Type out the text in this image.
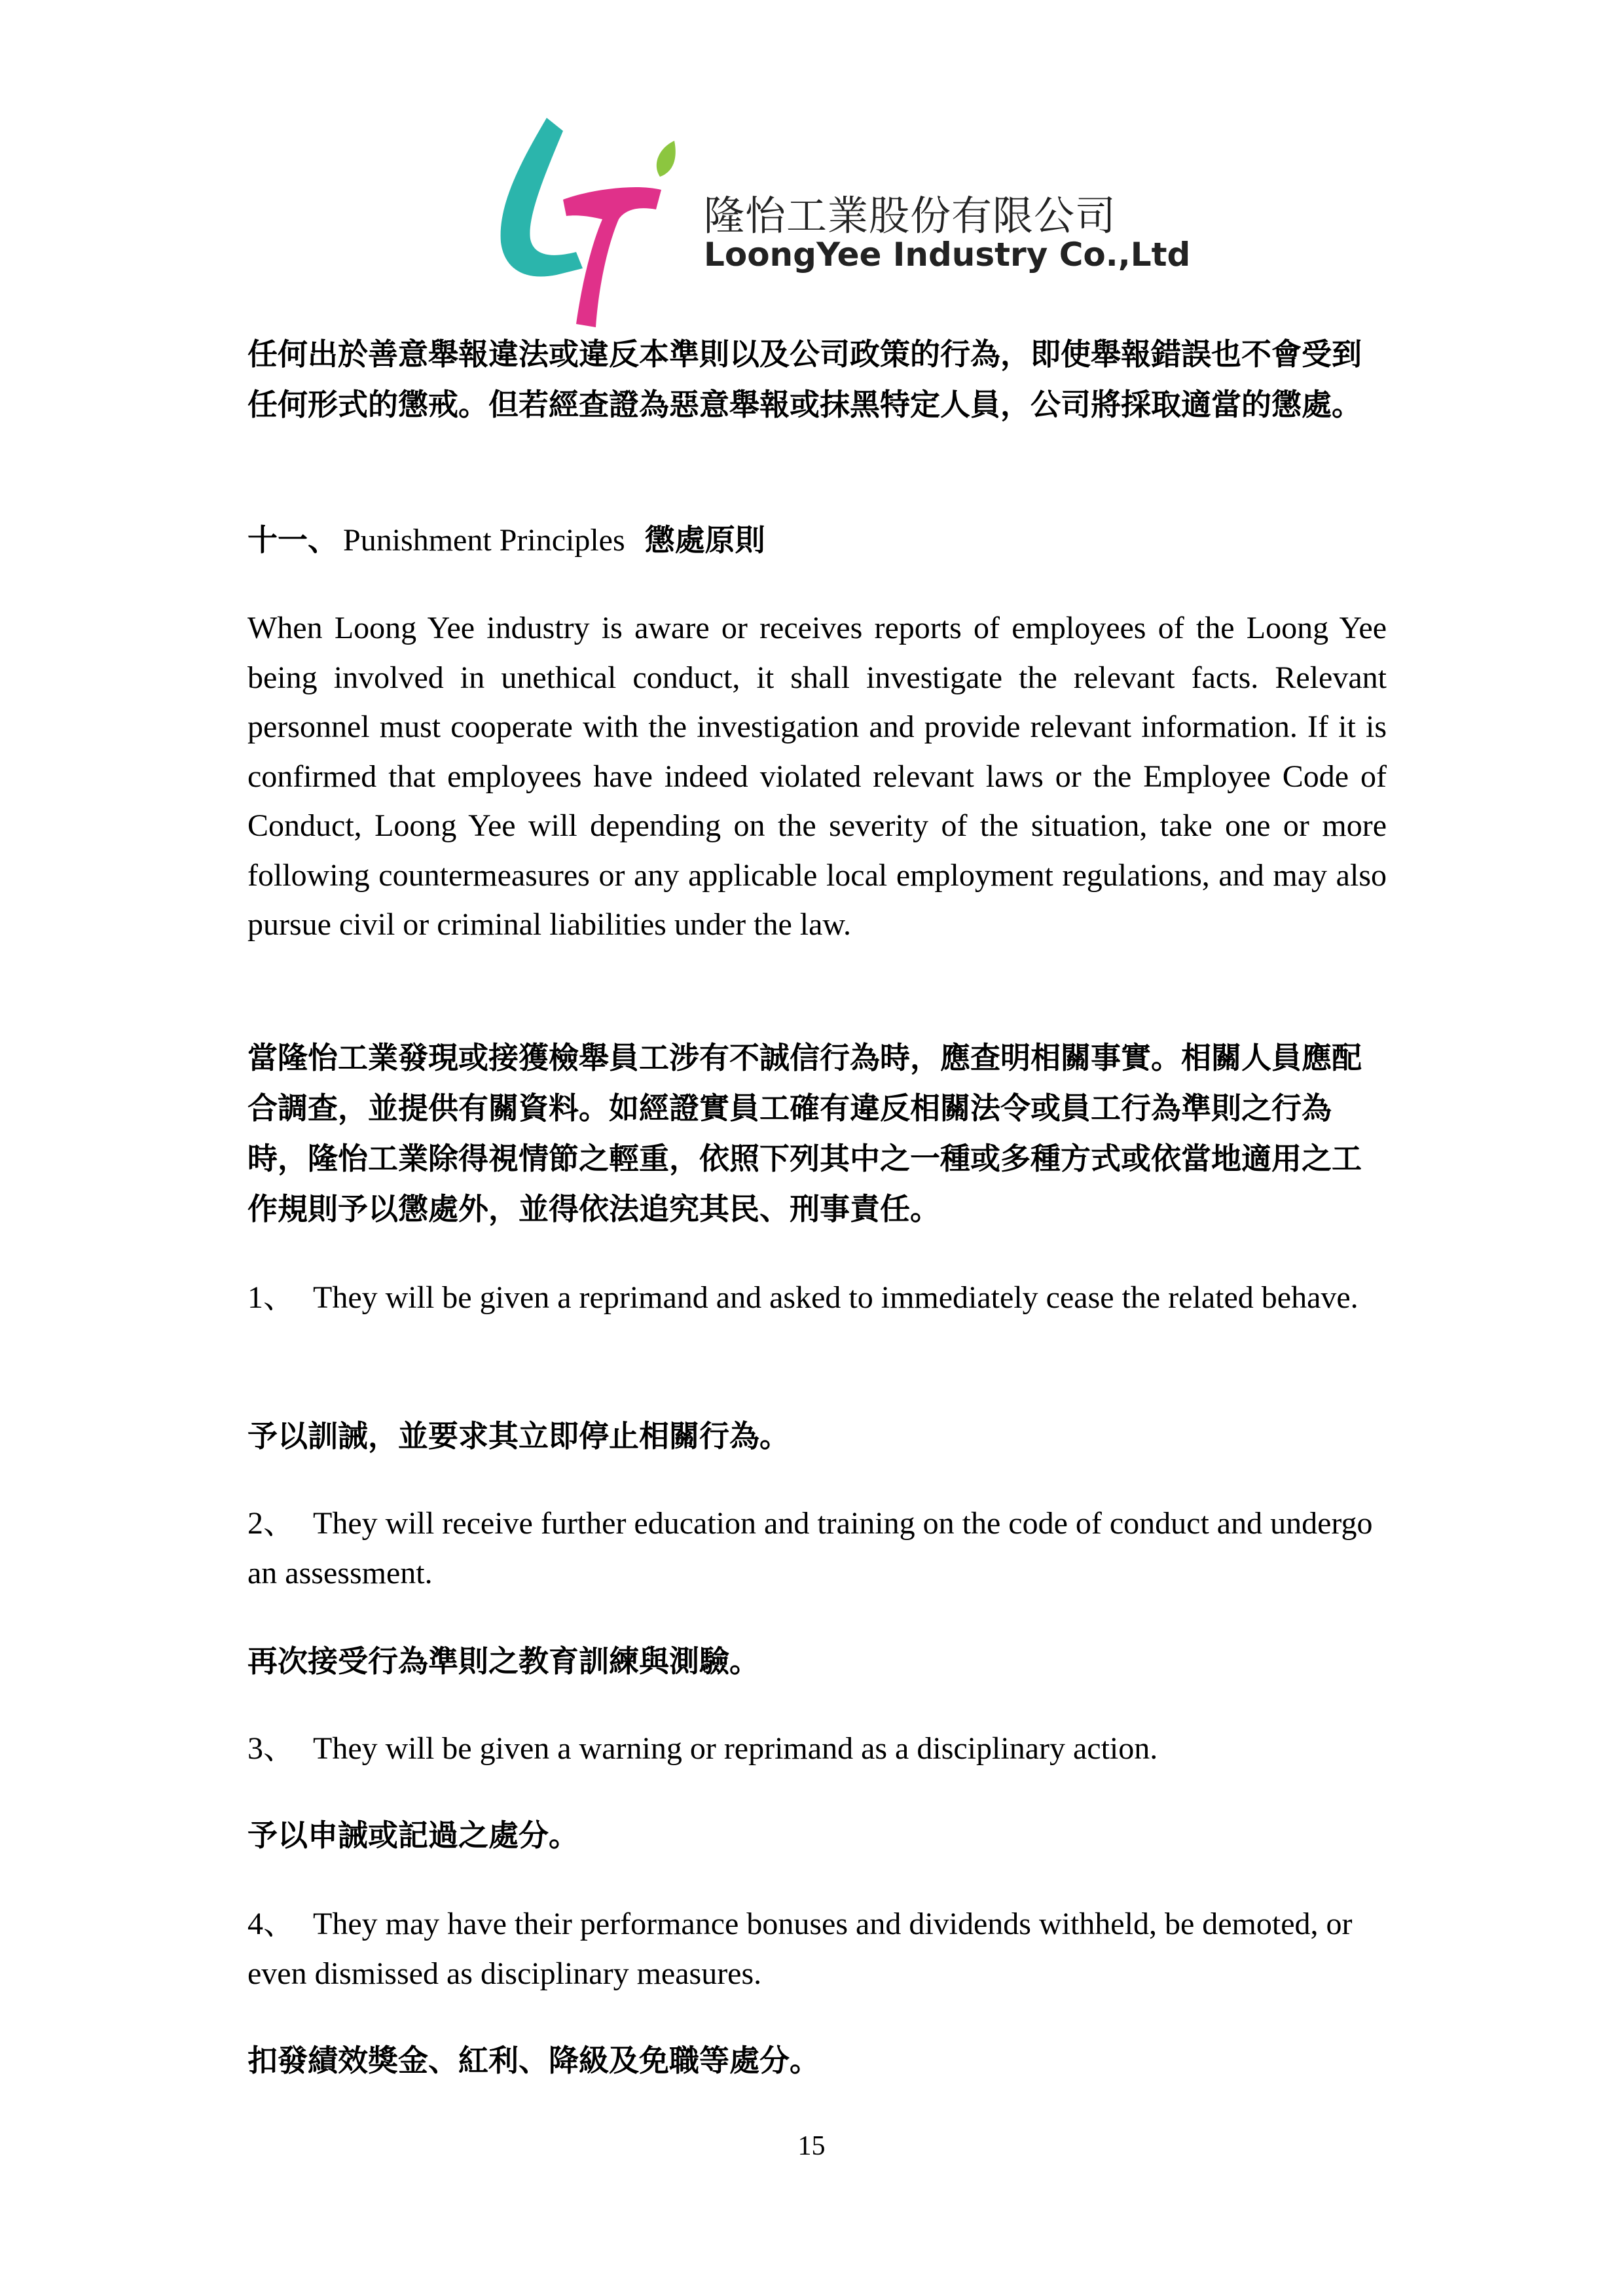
隆怡工業股份有限公司
LoongYee Industry Co.,Ltd
任何出於善意舉報違法或違反本準則以及公司政策的行為，即使舉報錯誤也不會受到任何形式的懲戒。但若經查證為惡意舉報或抹黑特定人員，公司將採取適當的懲處。
十一、 Punishment Principles 懲處原則
When Loong Yee industry is aware or receives reports of employees of the Loong Yee being involved in unethical conduct, it shall investigate the relevant facts. Relevant personnel must cooperate with the investigation and provide relevant information. If it is confirmed that employees have indeed violated relevant laws or the Employee Code of Conduct, Loong Yee will depending on the severity of the situation, take one or more following countermeasures or any applicable local employment regulations, and may also pursue civil or criminal liabilities under the law.
當隆怡工業發現或接獲檢舉員工涉有不誠信行為時，應查明相關事實。相關人員應配合調查，並提供有關資料。如經證實員工確有違反相關法令或員工行為準則之行為時，隆怡工業除得視情節之輕重，依照下列其中之一種或多種方式或依當地適用之工作規則予以懲處外，並得依法追究其民、刑事責任。
1、 They will be given a reprimand and asked to immediately cease the related behave.
予以訓誡，並要求其立即停止相關行為。
2、 They will receive further education and training on the code of conduct and undergo an assessment.
再次接受行為準則之教育訓練與測驗。
3、 They will be given a warning or reprimand as a disciplinary action.
予以申誡或記過之處分。
4、 They may have their performance bonuses and dividends withheld, be demoted, or even dismissed as disciplinary measures.
扣發績效獎金、紅利、降級及免職等處分。
15
